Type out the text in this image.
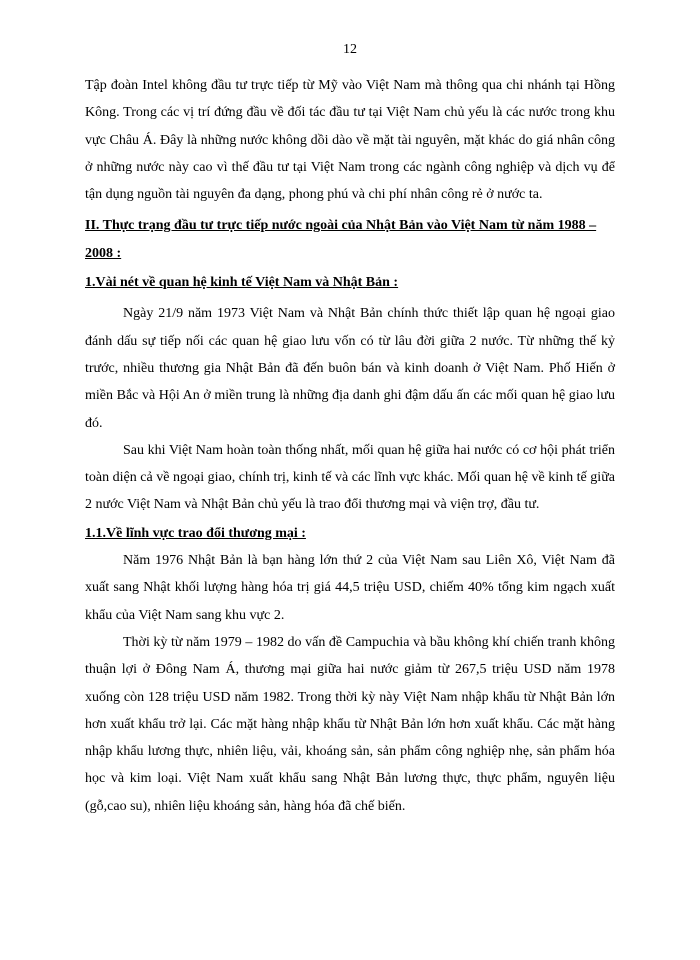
12

Tập đoàn Intel không đầu tư trực tiếp từ Mỹ vào Việt Nam mà thông qua chi nhánh tại Hồng Kông. Trong các vị trí đứng đầu về đối tác đầu tư tại Việt Nam chủ yếu là các nước trong khu vực Châu Á. Đây là những nước không dồi dào về mặt tài nguyên, mặt khác do giá nhân công ở những nước này cao vì thế đầu tư tại Việt Nam trong các ngành công nghiệp và dịch vụ để tận dụng nguồn tài nguyên đa dạng, phong phú và chi phí nhân công rẻ ở nước ta.

II. Thực trạng đầu tư trực tiếp nước ngoài của Nhật Bản vào Việt Nam từ năm 1988 – 2008 :
1.Vài nét về quan hệ kinh tế Việt Nam và Nhật Bản :

Ngày 21/9 năm 1973 Việt Nam và Nhật Bản chính thức thiết lập quan hệ ngoại giao đánh dấu sự tiếp nối các quan hệ giao lưu vốn có từ lâu đời giữa 2 nước. Từ những thế kỷ trước, nhiều thương gia Nhật Bản đã đến buôn bán và kinh doanh ở Việt Nam. Phố Hiến ở miền Bắc và Hội An ở miền trung là những địa danh ghi đậm dấu ấn các mối quan hệ giao lưu đó.

Sau khi Việt Nam hoàn toàn thống nhất, mối quan hệ giữa hai nước có cơ hội phát triển toàn diện cả về ngoại giao, chính trị, kinh tế và các lĩnh vực khác. Mối quan hệ về kinh tế giữa 2 nước Việt Nam và Nhật Bản chủ yếu là trao đổi thương mại và viện trợ, đầu tư.

1.1.Về lĩnh vực trao đổi thương mại :

Năm 1976 Nhật Bản là bạn hàng lớn thứ 2 của Việt Nam sau Liên Xô, Việt Nam đã xuất sang Nhật khối lượng hàng hóa trị giá 44,5 triệu USD, chiếm 40% tổng kim ngạch xuất khẩu của Việt Nam sang khu vực 2.

Thời kỳ từ năm 1979 – 1982 do vấn đề Campuchia và bầu không khí chiến tranh không thuận lợi ở Đông Nam Á, thương mại giữa hai nước giảm từ 267,5 triệu USD năm 1978 xuống còn 128 triệu USD năm 1982. Trong thời kỳ này Việt Nam nhập khẩu từ Nhật Bản lớn hơn xuất khẩu trở lại. Các mặt hàng nhập khẩu từ Nhật Bản lớn hơn xuất khẩu. Các mặt hàng nhập khẩu lương thực, nhiên liệu, vải, khoáng sản, sản phẩm công nghiệp nhẹ, sản phẩm hóa học và kim loại. Việt Nam xuất khẩu sang Nhật Bản lương thực, thực phẩm, nguyên liệu (gỗ,cao su), nhiên liệu khoáng sản, hàng hóa đã chế biến.
